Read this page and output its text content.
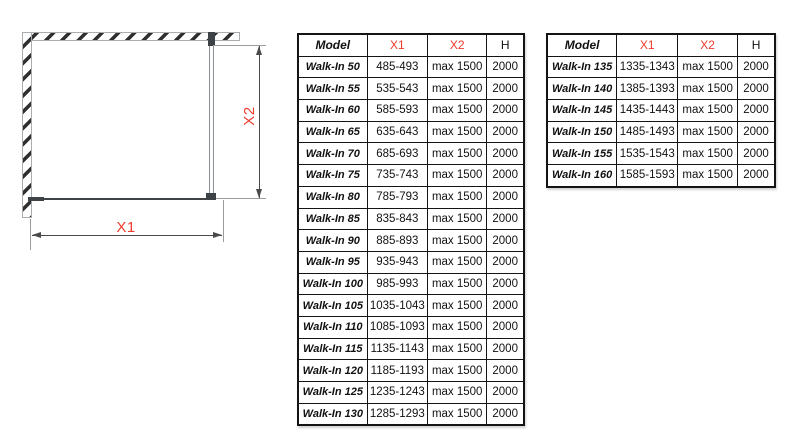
X2
X1
Model	X1	X2	H
Walk-In 50	485-493	max 1500	2000
Walk-In 55	535-543	max 1500	2000
Walk-In 60	585-593	max 1500	2000
Walk-In 65	635-643	max 1500	2000
Walk-In 70	685-693	max 1500	2000
Walk-In 75	735-743	max 1500	2000
Walk-In 80	785-793	max 1500	2000
Walk-In 85	835-843	max 1500	2000
Walk-In 90	885-893	max 1500	2000
Walk-In 95	935-943	max 1500	2000
Walk-In 100	985-993	max 1500	2000
Walk-In 105	1035-1043	max 1500	2000
Walk-In 110	1085-1093	max 1500	2000
Walk-In 115	1135-1143	max 1500	2000
Walk-In 120	1185-1193	max 1500	2000
Walk-In 125	1235-1243	max 1500	2000
Walk-In 130	1285-1293	max 1500	2000
Model	X1	X2	H
Walk-In 135	1335-1343	max 1500	2000
Walk-In 140	1385-1393	max 1500	2000
Walk-In 145	1435-1443	max 1500	2000
Walk-In 150	1485-1493	max 1500	2000
Walk-In 155	1535-1543	max 1500	2000
Walk-In 160	1585-1593	max 1500	2000
